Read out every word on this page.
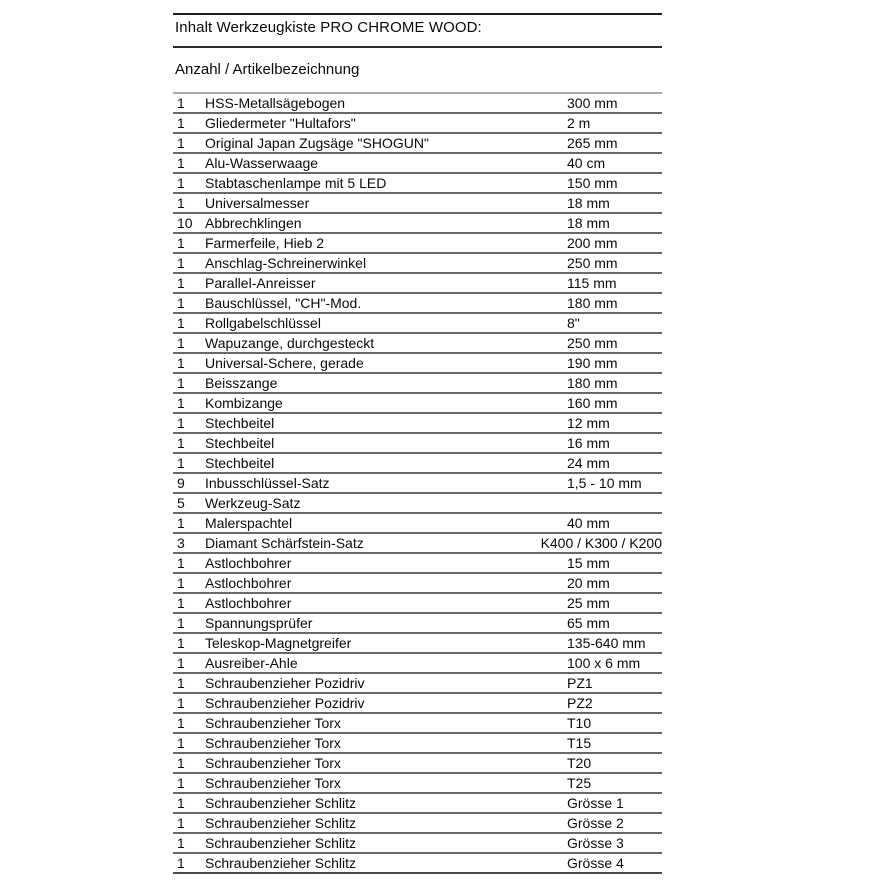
Inhalt Werkzeugkiste PRO CHROME WOOD:
Anzahl / Artikelbezeichnung
1	HSS-Metallsägebogen	300 mm
1	Gliedermeter "Hultafors"	2 m
1	Original Japan Zugsäge "SHOGUN"	265 mm
1	Alu-Wasserwaage	40 cm
1	Stabtaschenlampe mit 5 LED	150 mm
1	Universalmesser	18 mm
10 Abbrechklingen	18 mm
1	Farmerfeile, Hieb 2	200 mm
1	Anschlag-Schreinerwinkel	250 mm
1	Parallel-Anreisser	115 mm
1	Bauschlüssel, "CH"-Mod.	180 mm
1	Rollgabelschlüssel	8"
1	Wapuzange, durchgesteckt	250 mm
1	Universal-Schere, gerade	190 mm
1	Beisszange	180 mm
1	Kombizange	160 mm
1	Stechbeitel	12 mm
1	Stechbeitel	16 mm
1	Stechbeitel	24 mm
9	Inbusschlüssel-Satz	1,5 - 10 mm
5	Werkzeug-Satz
1	Malerspachtel	40 mm
3	Diamant Schärfstein-Satz	K400 / K300 / K200
1	Astlochbohrer	15 mm
1	Astlochbohrer	20 mm
1	Astlochbohrer	25 mm
1	Spannungsprüfer	65 mm
1	Teleskop-Magnetgreifer	135-640 mm
1	Ausreiber-Ahle	100 x 6 mm
1	Schraubenzieher Pozidriv	PZ1
1	Schraubenzieher Pozidriv	PZ2
1	Schraubenzieher Torx	T10
1	Schraubenzieher Torx	T15
1	Schraubenzieher Torx	T20
1	Schraubenzieher Torx	T25
1	Schraubenzieher Schlitz	Grösse 1
1	Schraubenzieher Schlitz	Grösse 2
1	Schraubenzieher Schlitz	Grösse 3
1	Schraubenzieher Schlitz	Grösse 4
